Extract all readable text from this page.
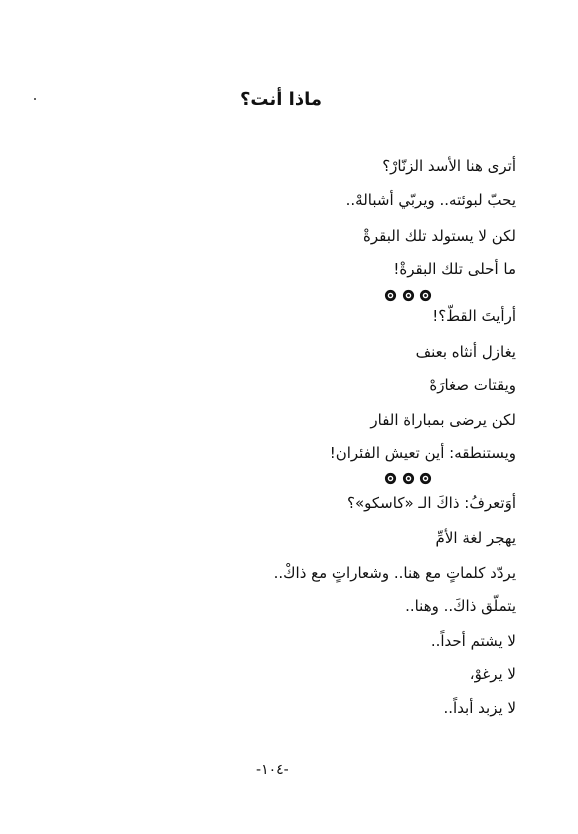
ماذا أنت؟
أترى هنا الأسد الزنّارْ؟
يحبّ لبوئته.. ويربّي أشبالهْ..
لكن لا يستولد تلك البقرةْ
ما أحلى تلك البقرةْ!
أرأيتَ القطّ؟!
يغازل أنثاه بعنف
ويقتات صغارَهْ
لكن يرضى بمباراة الفار
ويستنطقه: أين تعيش الفئران!
أوَتعرفُ: ذاكَ الـ «كاسكو»؟
يهجر لغة الأمِّ
يردّد كلماتٍ مع هنا.. وشعاراتٍ مع ذاكْ..
يتملّق ذاكَ.. وهنا..
لا يشتم أحداً..
لا يرغوْ،
لا يزبد أبداً..
-١٠٤-
